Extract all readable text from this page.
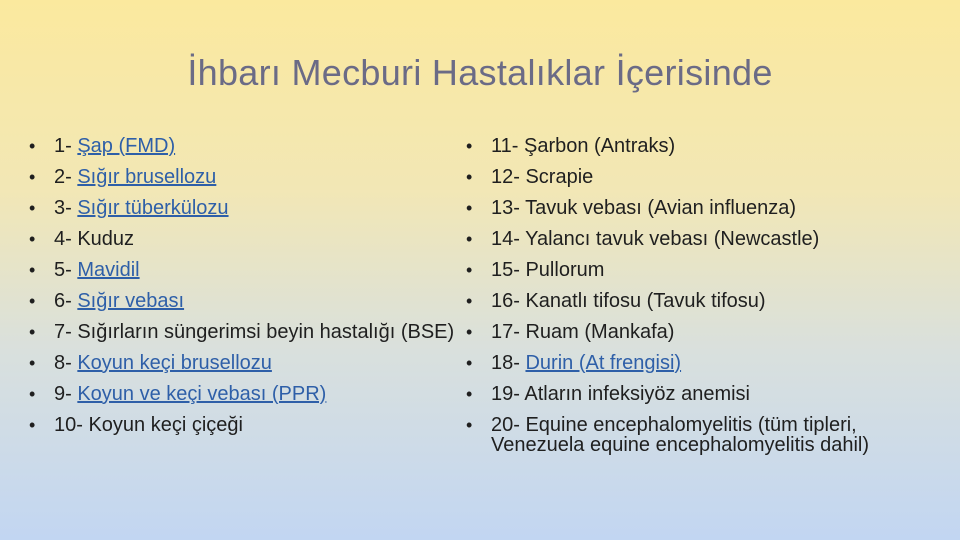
İhbarı Mecburi Hastalıklar İçerisinde
• 1- Şap (FMD)
• 2- Sığır brusellozu
• 3- Sığır tüberkülozu
• 4- Kuduz
• 5- Mavidil
• 6- Sığır vebası
• 7- Sığırların süngerimsi beyin hastalığı (BSE)
• 8- Koyun keçi brusellozu
• 9- Koyun ve keçi vebası (PPR)
• 10- Koyun keçi çiçeği
• 11- Şarbon (Antraks)
• 12- Scrapie
• 13- Tavuk vebası (Avian influenza)
• 14- Yalancı tavuk vebası (Newcastle)
• 15- Pullorum
• 16- Kanatlı tifosu (Tavuk tifosu)
• 17- Ruam (Mankafa)
• 18- Durin (At frengisi)
• 19- Atların infeksiyöz anemisi
• 20- Equine encephalomyelitis (tüm tipleri, Venezuela equine encephalomyelitis dahil)
